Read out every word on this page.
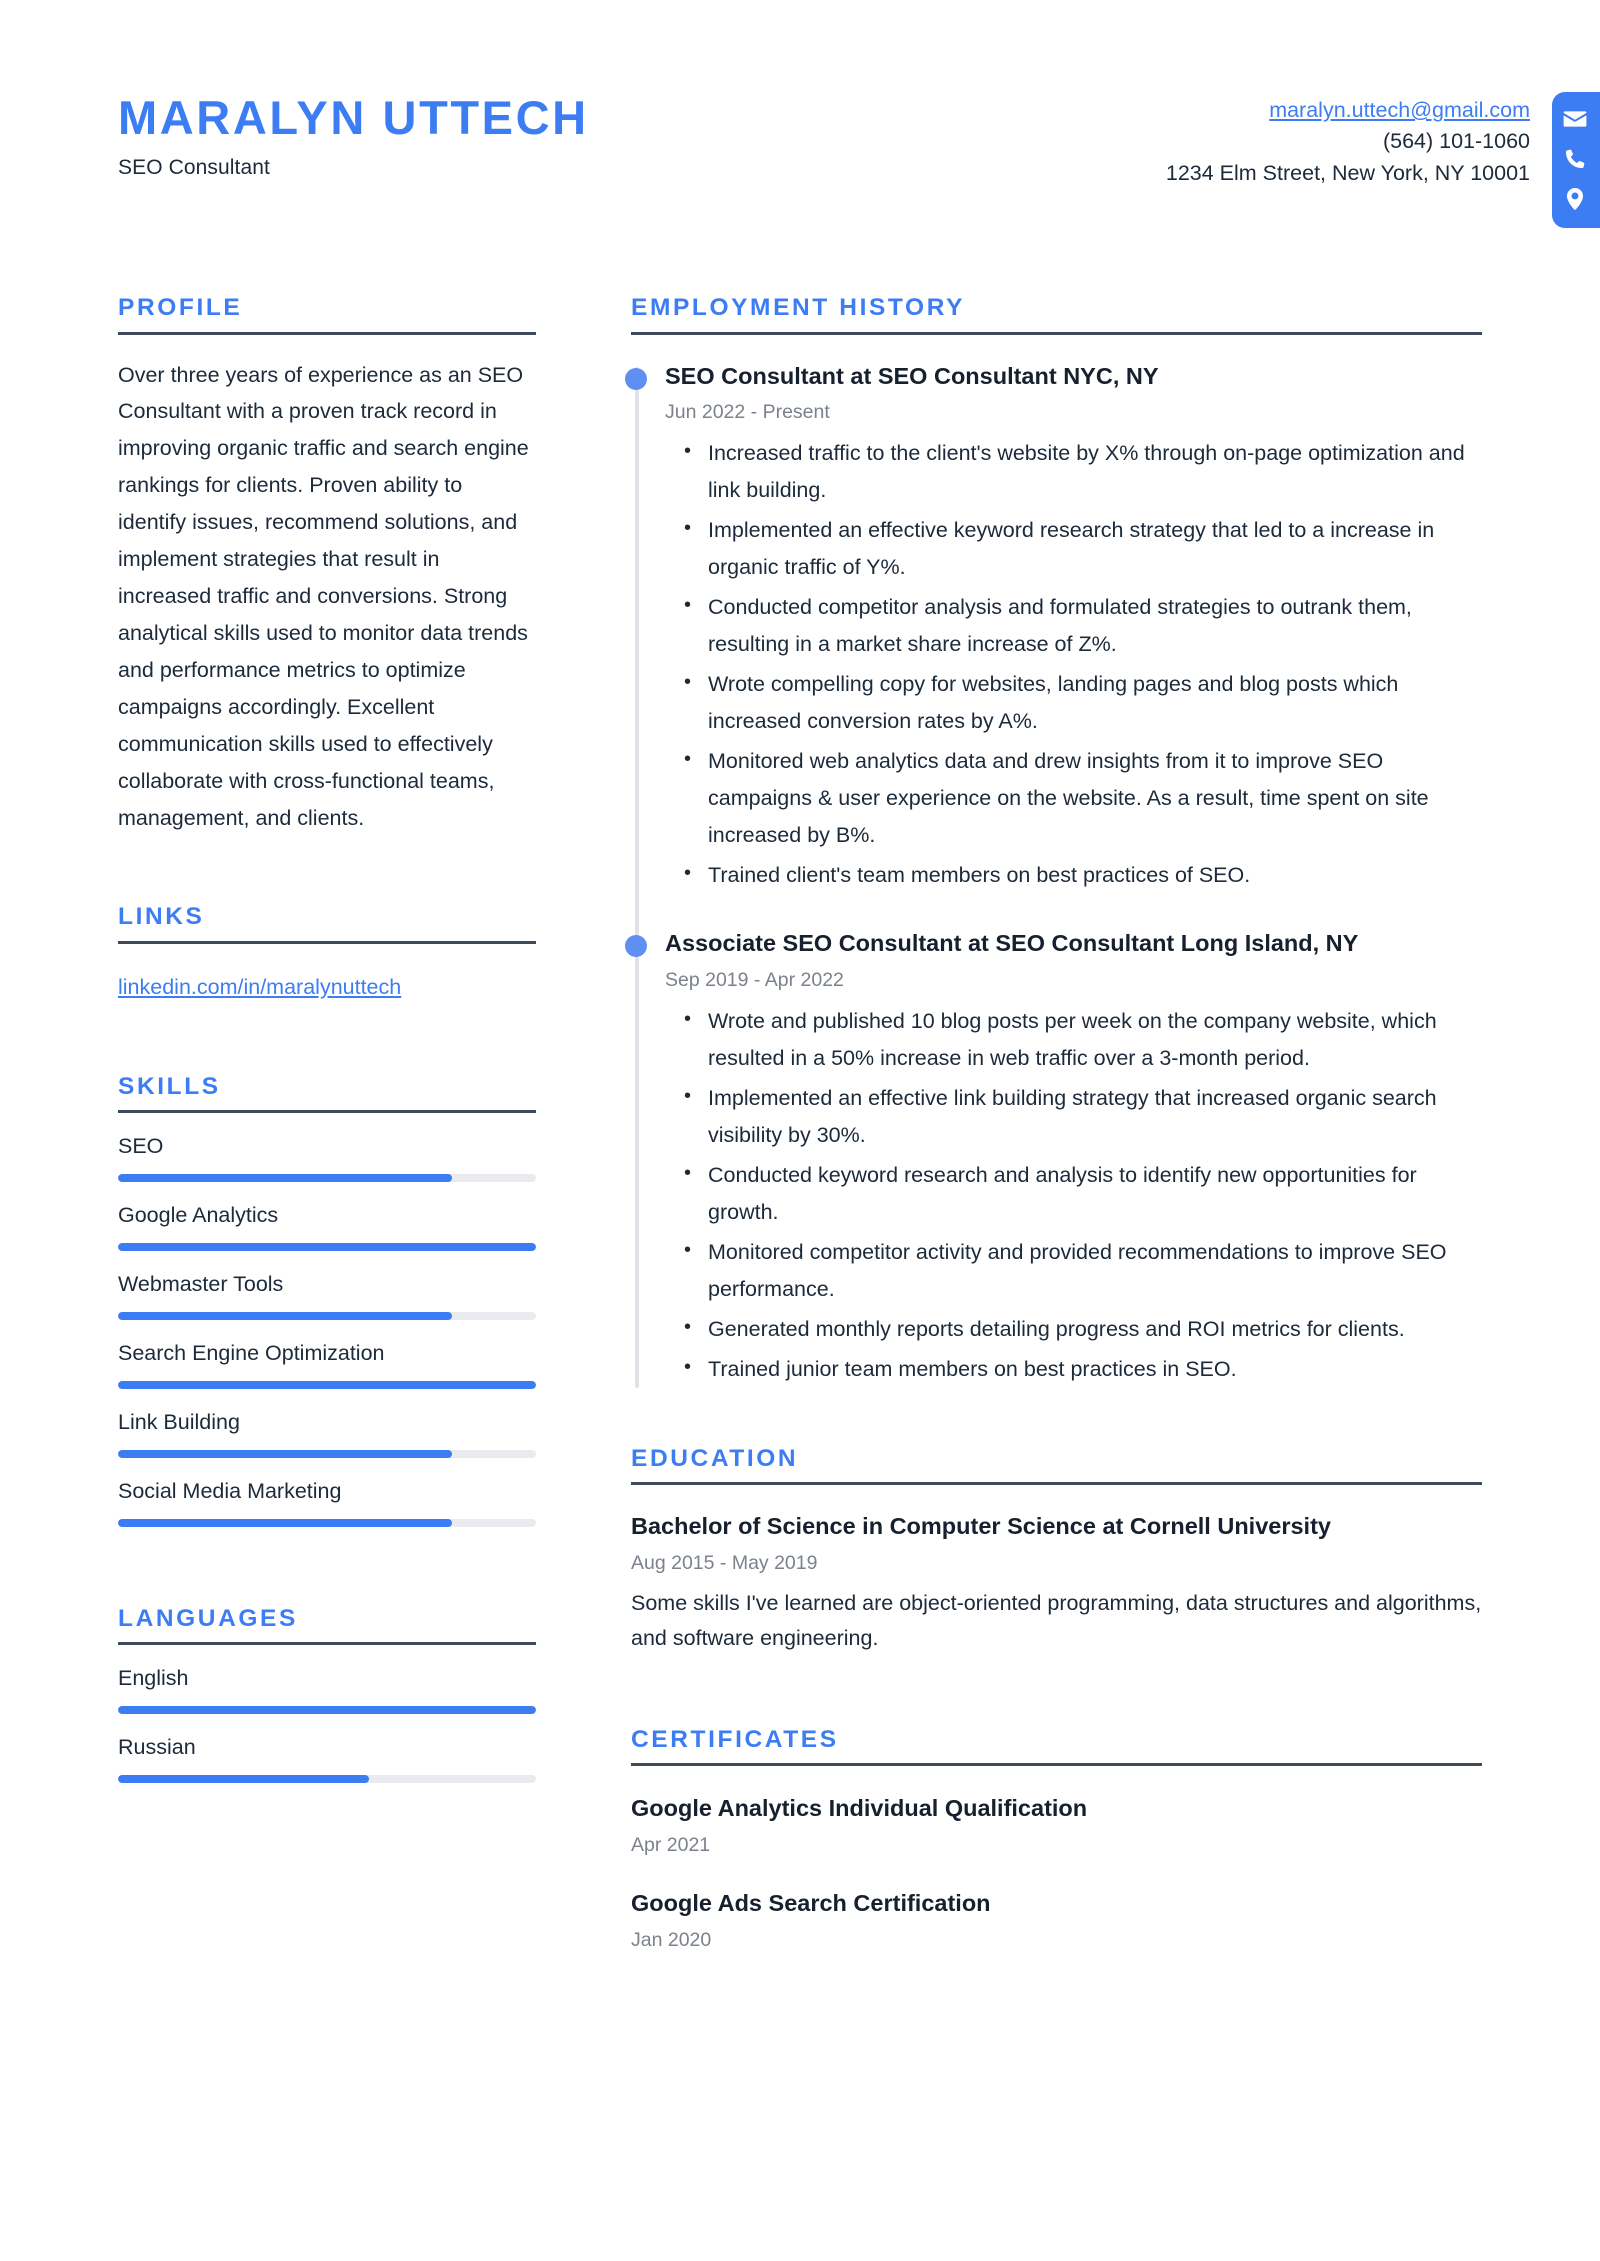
MARALYN UTTECH
SEO Consultant
maralyn.uttech@gmail.com
(564) 101-1060
1234 Elm Street, New York, NY 10001
PROFILE
Over three years of experience as an SEO Consultant with a proven track record in improving organic traffic and search engine rankings for clients. Proven ability to identify issues, recommend solutions, and implement strategies that result in increased traffic and conversions. Strong analytical skills used to monitor data trends and performance metrics to optimize campaigns accordingly. Excellent communication skills used to effectively collaborate with cross-functional teams, management, and clients.
LINKS
linkedin.com/in/maralynuttech
SKILLS
SEO
Google Analytics
Webmaster Tools
Search Engine Optimization
Link Building
Social Media Marketing
LANGUAGES
English
Russian
EMPLOYMENT HISTORY
SEO Consultant at SEO Consultant NYC, NY
Jun 2022 - Present
• Increased traffic to the client's website by X% through on-page optimization and link building.
• Implemented an effective keyword research strategy that led to a increase in organic traffic of Y%.
• Conducted competitor analysis and formulated strategies to outrank them, resulting in a market share increase of Z%.
• Wrote compelling copy for websites, landing pages and blog posts which increased conversion rates by A%.
• Monitored web analytics data and drew insights from it to improve SEO campaigns & user experience on the website. As a result, time spent on site increased by B%.
• Trained client's team members on best practices of SEO.
Associate SEO Consultant at SEO Consultant Long Island, NY
Sep 2019 - Apr 2022
• Wrote and published 10 blog posts per week on the company website, which resulted in a 50% increase in web traffic over a 3-month period.
• Implemented an effective link building strategy that increased organic search visibility by 30%.
• Conducted keyword research and analysis to identify new opportunities for growth.
• Monitored competitor activity and provided recommendations to improve SEO performance.
• Generated monthly reports detailing progress and ROI metrics for clients.
• Trained junior team members on best practices in SEO.
EDUCATION
Bachelor of Science in Computer Science at Cornell University
Aug 2015 - May 2019
Some skills I've learned are object-oriented programming, data structures and algorithms, and software engineering.
CERTIFICATES
Google Analytics Individual Qualification
Apr 2021
Google Ads Search Certification
Jan 2020
